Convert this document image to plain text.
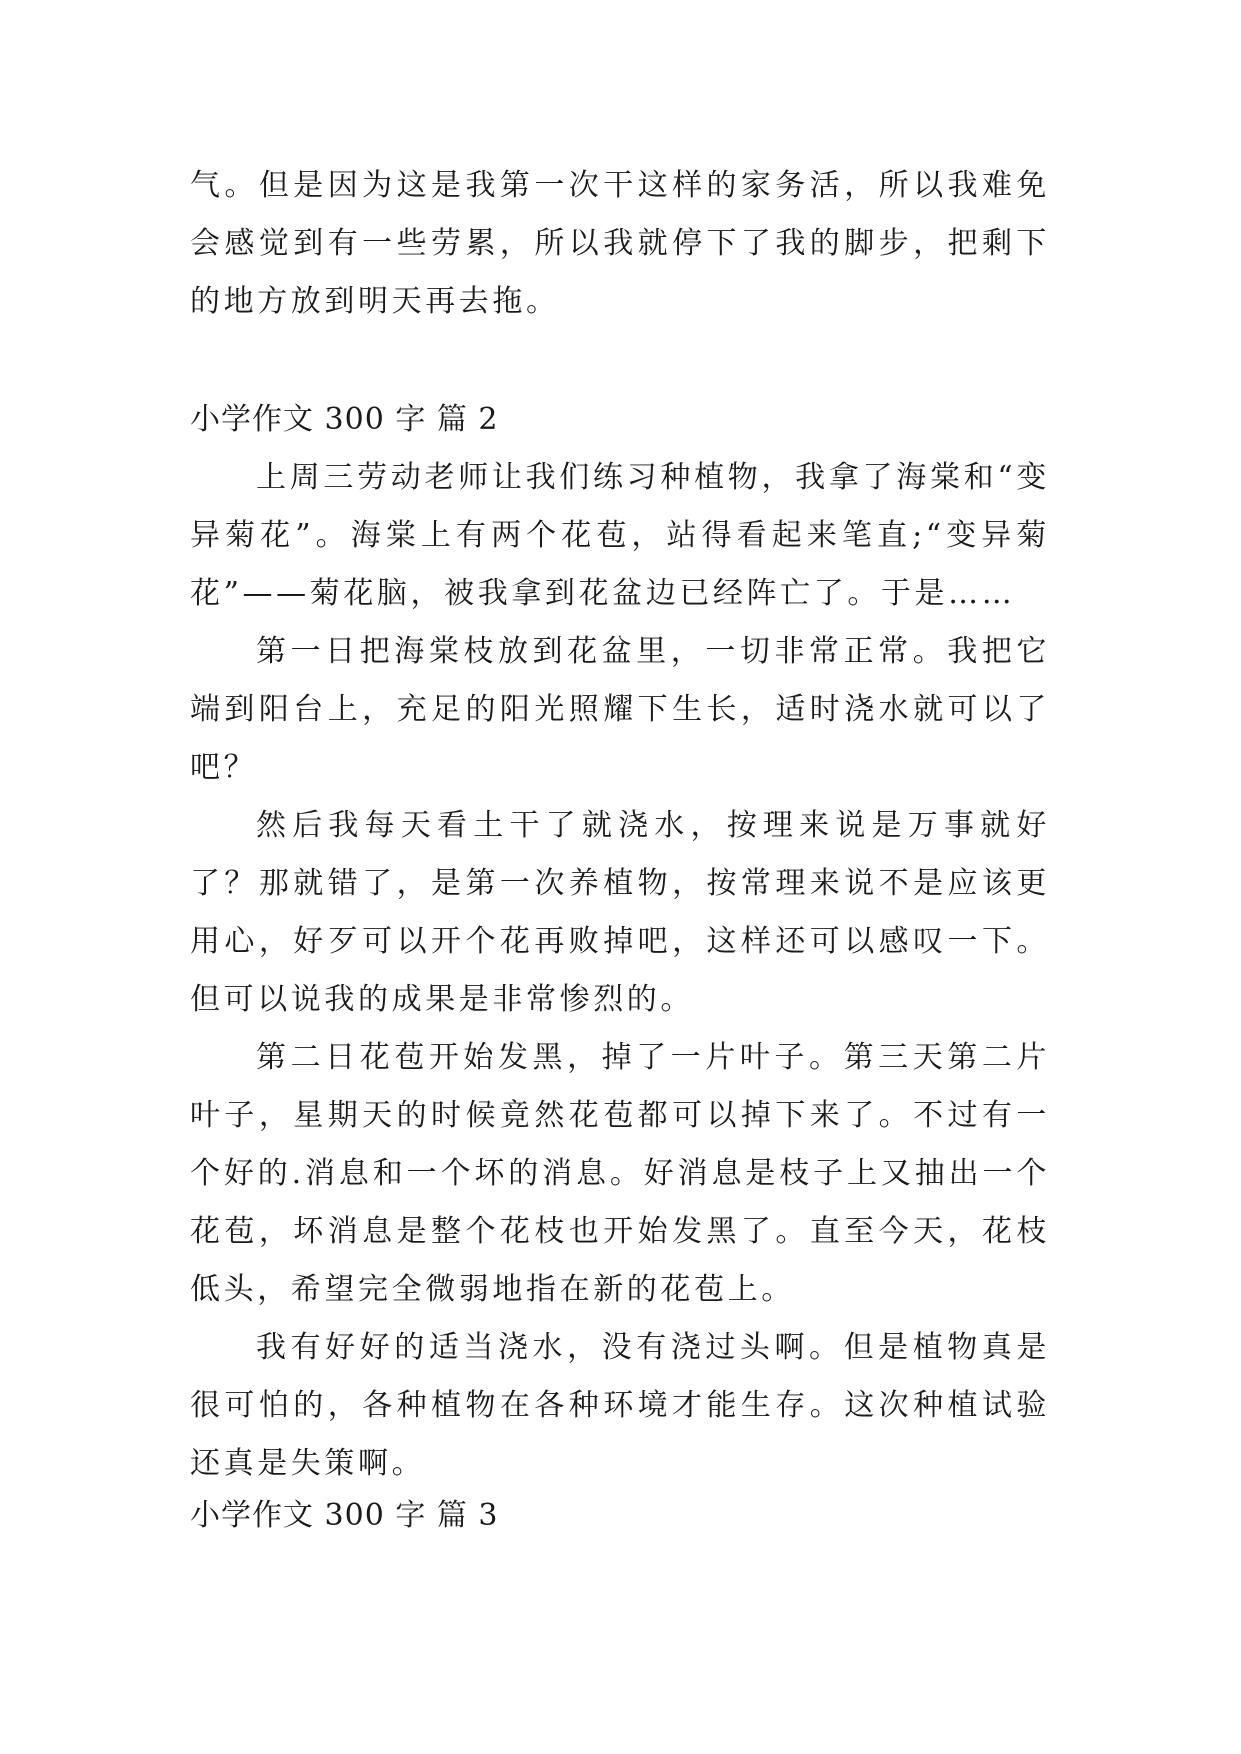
气。但是因为这是我第一次干这样的家务活，所以我难免会感觉到有一些劳累，所以我就停下了我的脚步，把剩下的地方放到明天再去拖。

小学作文 300 字 篇 2

上周三劳动老师让我们练习种植物，我拿了海棠和“变异菊花”。海棠上有两个花苞，站得看起来笔直;“变异菊花”——菊花脑，被我拿到花盆边已经阵亡了。于是……

第一日把海棠枝放到花盆里，一切非常正常。我把它端到阳台上，充足的阳光照耀下生长，适时浇水就可以了吧？

然后我每天看土干了就浇水，按理来说是万事就好了？那就错了，是第一次养植物，按常理来说不是应该更用心，好歹可以开个花再败掉吧，这样还可以感叹一下。但可以说我的成果是非常惨烈的。

第二日花苞开始发黑，掉了一片叶子。第三天第二片叶子，星期天的时候竟然花苞都可以掉下来了。不过有一个好的.消息和一个坏的消息。好消息是枝子上又抽出一个花苞，坏消息是整个花枝也开始发黑了。直至今天，花枝低头，希望完全微弱地指在新的花苞上。

我有好好的适当浇水，没有浇过头啊。但是植物真是很可怕的，各种植物在各种环境才能生存。这次种植试验还真是失策啊。

小学作文 300 字 篇 3
